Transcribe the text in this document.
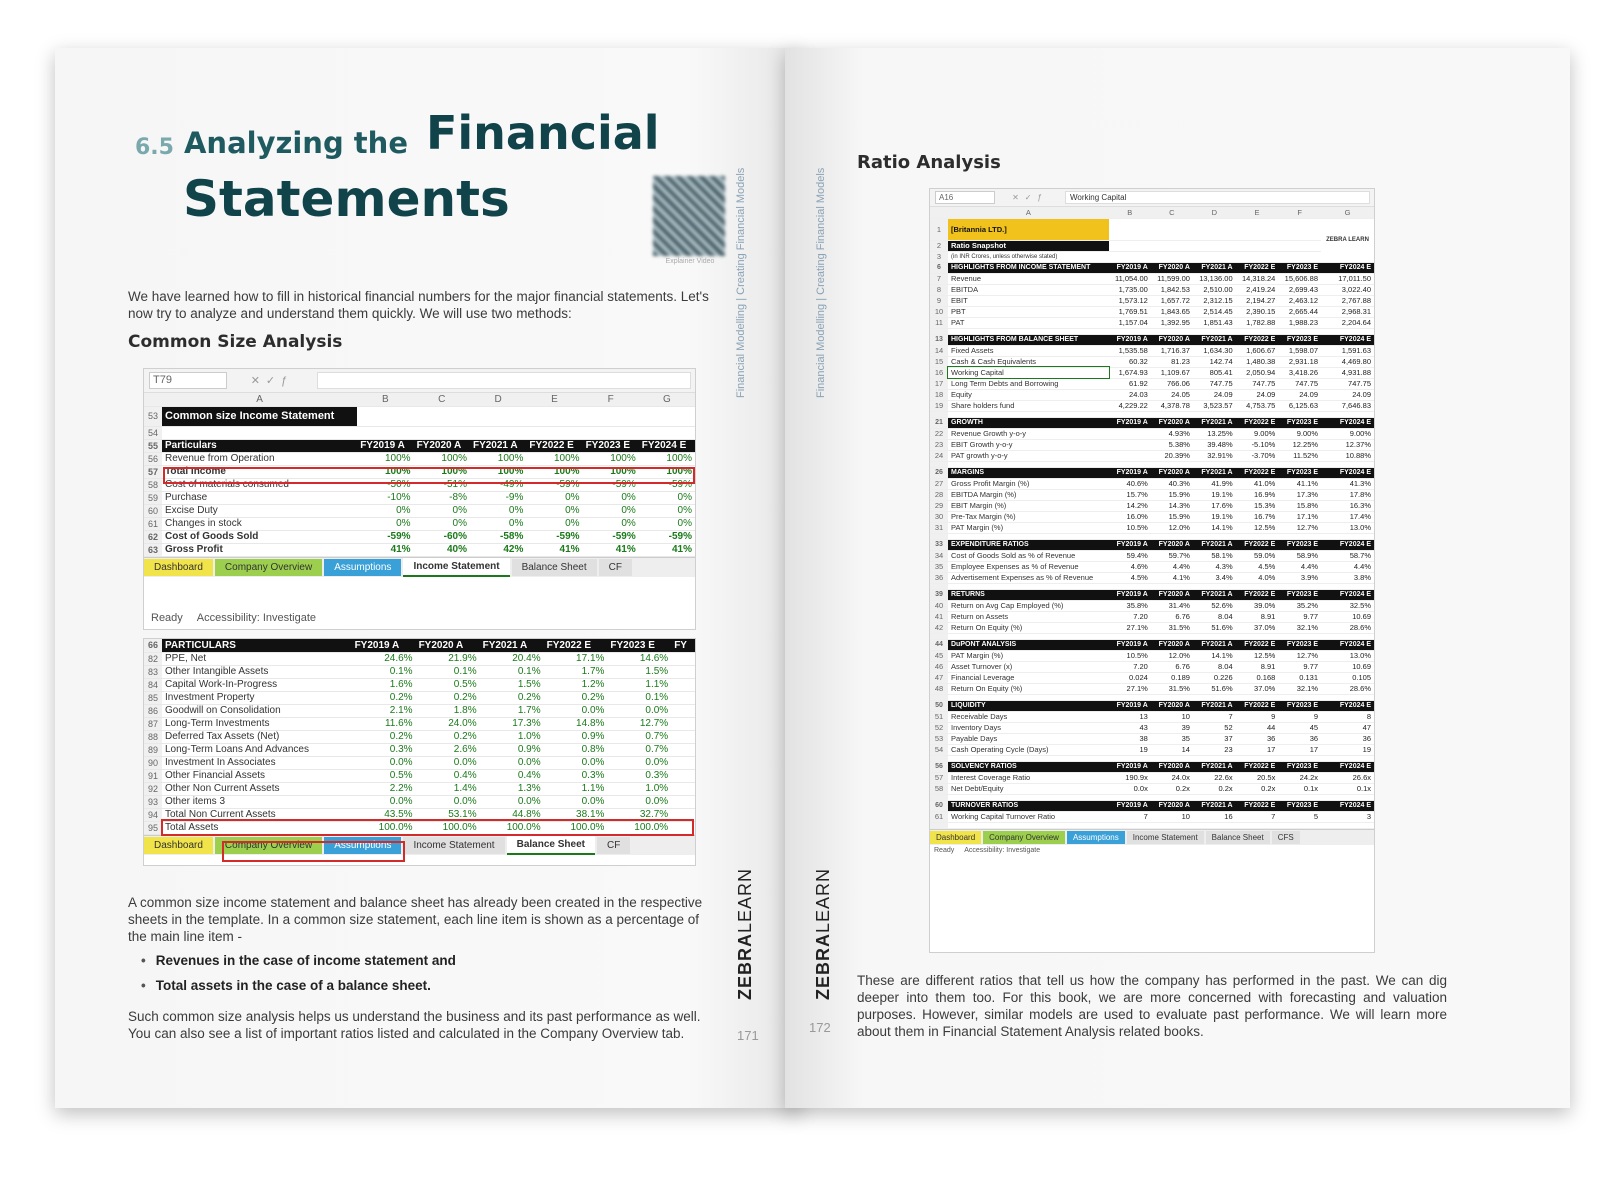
6.5 Analyzing the Financial
Statements
Explainer Video

We have learned how to fill in historical financial numbers for the major financial statements. Let's now try to analyze and understand them quickly. We will use two methods:

Common Size Analysis
T79	✕✓ƒ
	A	B	C	D	E	F	G
53	Common size Income Statement						
54							
55	Particulars	FY2019 A	FY2020 A	FY2021 A	FY2022 E	FY2023 E	FY2024 E
56	Revenue from Operation	100%	100%	100%	100%	100%	100%
57	Total Income	100%	100%	100%	100%	100%	100%
58	Cost of materials consumed	-50%	-51%	-49%	-59%	-59%	-59%
59	Purchase	-10%	-8%	-9%	0%	0%	0%
60	Excise Duty	0%	0%	0%	0%	0%	0%
61	Changes in stock	0%	0%	0%	0%	0%	0%
62	Cost of Goods Sold	-59%	-60%	-58%	-59%	-59%	-59%
63	Gross Profit	41%	40%	42%	41%	41%	41%
Dashboard	Company Overview	Assumptions	Income Statement	Balance Sheet	CF
Ready Accessibility: Investigate
66	PARTICULARS	FY2019 A	FY2020 A	FY2021 A	FY2022 E	FY2023 E	FY
82	PPE, Net	24.6%	21.9%	20.4%	17.1%	14.6%	
83	Other Intangible Assets	0.1%	0.1%	0.1%	1.7%	1.5%	
84	Capital Work-In-Progress	1.6%	0.5%	1.5%	1.2%	1.1%	
85	Investment Property	0.2%	0.2%	0.2%	0.2%	0.1%	
86	Goodwill on Consolidation	2.1%	1.8%	1.7%	0.0%	0.0%	
87	Long-Term Investments	11.6%	24.0%	17.3%	14.8%	12.7%	
88	Deferred Tax Assets (Net)	0.2%	0.2%	1.0%	0.9%	0.7%	
89	Long-Term Loans And Advances	0.3%	2.6%	0.9%	0.8%	0.7%	
90	Investment In Associates	0.0%	0.0%	0.0%	0.0%	0.0%	
91	Other Financial Assets	0.5%	0.4%	0.4%	0.3%	0.3%	
92	Other Non Current Assets	2.2%	1.4%	1.3%	1.1%	1.0%	
93	Other items 3	0.0%	0.0%	0.0%	0.0%	0.0%	
94	Total Non Current Assets	43.5%	53.1%	44.8%	38.1%	32.7%	
95	Total Assets	100.0%	100.0%	100.0%	100.0%	100.0%	
Dashboard	Company Overview	Assumptions	Income Statement	Balance Sheet	CF

A common size income statement and balance sheet has already been created in the respective sheets in the template. In a common size statement, each line item is shown as a percentage of the main line item -

• Revenues in the case of income statement and
• Total assets in the case of a balance sheet.

Such common size analysis helps us understand the business and its past performance as well. You can also see a list of important ratios listed and calculated in the Company Overview tab.

Financial Modelling | Creating Financial Models
ZEBRALEARN
171
Financial Modelling | Creating Financial Models
ZEBRALEARN
172
Ratio Analysis
A16	✕✓ƒ	Working Capital
	A	B	C	D	E	F	G
1	[Britannia LTD.]						ZEBRA LEARN
2	Ratio Snapshot						
3	(in INR Crores, unless otherwise stated)						
6	HIGHLIGHTS FROM INCOME STATEMENT	FY2019 A	FY2020 A	FY2021 A	FY2022 E	FY2023 E	FY2024 E
7	Revenue	11,054.00	11,599.00	13,136.00	14,318.24	15,606.88	17,011.50
8	EBITDA	1,735.00	1,842.53	2,510.00	2,419.24	2,699.43	3,022.40
9	EBIT	1,573.12	1,657.72	2,312.15	2,194.27	2,463.12	2,767.88
10	PBT	1,769.51	1,843.65	2,514.45	2,390.15	2,665.44	2,968.31
11	PAT	1,157.04	1,392.95	1,851.43	1,782.88	1,988.23	2,204.64

13	HIGHLIGHTS FROM BALANCE SHEET	FY2019 A	FY2020 A	FY2021 A	FY2022 E	FY2023 E	FY2024 E
14	Fixed Assets	1,535.58	1,716.37	1,634.30	1,606.67	1,598.07	1,591.63
15	Cash & Cash Equivalents	60.32	81.23	142.74	1,480.38	2,931.18	4,469.80
16	Working Capital	1,674.93	1,109.67	805.41	2,050.94	3,418.26	4,931.88
17	Long Term Debts and Borrowing	61.92	766.06	747.75	747.75	747.75	747.75
18	Equity	24.03	24.05	24.09	24.09	24.09	24.09
19	Share holders fund	4,229.22	4,378.78	3,523.57	4,753.75	6,125.63	7,646.83

21	GROWTH	FY2019 A	FY2020 A	FY2021 A	FY2022 E	FY2023 E	FY2024 E
22	Revenue Growth y-o-y		4.93%	13.25%	9.00%	9.00%	9.00%
23	EBIT Growth y-o-y		5.38%	39.48%	-5.10%	12.25%	12.37%
24	PAT growth y-o-y		20.39%	32.91%	-3.70%	11.52%	10.88%

26	MARGINS	FY2019 A	FY2020 A	FY2021 A	FY2022 E	FY2023 E	FY2024 E
27	Gross Profit Margin (%)	40.6%	40.3%	41.9%	41.0%	41.1%	41.3%
28	EBITDA Margin (%)	15.7%	15.9%	19.1%	16.9%	17.3%	17.8%
29	EBIT Margin (%)	14.2%	14.3%	17.6%	15.3%	15.8%	16.3%
30	Pre-Tax Margin (%)	16.0%	15.9%	19.1%	16.7%	17.1%	17.4%
31	PAT Margin (%)	10.5%	12.0%	14.1%	12.5%	12.7%	13.0%

33	EXPENDITURE RATIOS	FY2019 A	FY2020 A	FY2021 A	FY2022 E	FY2023 E	FY2024 E
34	Cost of Goods Sold as % of Revenue	59.4%	59.7%	58.1%	59.0%	58.9%	58.7%
35	Employee Expenses as % of Revenue	4.6%	4.4%	4.3%	4.5%	4.4%	4.4%
36	Advertisement Expenses as % of Revenue	4.5%	4.1%	3.4%	4.0%	3.9%	3.8%

39	RETURNS	FY2019 A	FY2020 A	FY2021 A	FY2022 E	FY2023 E	FY2024 E
40	Return on Avg Cap Employed (%)	35.8%	31.4%	52.6%	39.0%	35.2%	32.5%
41	Return on Assets	7.20	6.76	8.04	8.91	9.77	10.69
42	Return On Equity (%)	27.1%	31.5%	51.6%	37.0%	32.1%	28.6%

44	DuPONT ANALYSIS	FY2019 A	FY2020 A	FY2021 A	FY2022 E	FY2023 E	FY2024 E
45	PAT Margin (%)	10.5%	12.0%	14.1%	12.5%	12.7%	13.0%
46	Asset Turnover (x)	7.20	6.76	8.04	8.91	9.77	10.69
47	Financial Leverage	0.024	0.189	0.226	0.168	0.131	0.105
48	Return On Equity (%)	27.1%	31.5%	51.6%	37.0%	32.1%	28.6%

50	LIQUIDITY	FY2019 A	FY2020 A	FY2021 A	FY2022 E	FY2023 E	FY2024 E
51	Receivable Days	13	10	7	9	9	8
52	Inventory Days	43	39	52	44	45	47
53	Payable Days	38	35	37	36	36	36
54	Cash Operating Cycle (Days)	19	14	23	17	17	19

56	SOLVENCY RATIOS	FY2019 A	FY2020 A	FY2021 A	FY2022 E	FY2023 E	FY2024 E
57	Interest Coverage Ratio	190.9x	24.0x	22.6x	20.5x	24.2x	26.6x
58	Net Debt/Equity	0.0x	0.2x	0.2x	0.2x	0.1x	0.1x

60	TURNOVER RATIOS	FY2019 A	FY2020 A	FY2021 A	FY2022 E	FY2023 E	FY2024 E
61	Working Capital Turnover Ratio	7	10	16	7	5	3

Dashboard	Company Overview	Assumptions	Income Statement	Balance Sheet	CFS
Ready Accessibility: Investigate

These are different ratios that tell us how the company has performed in the past. We can dig deeper into them too. For this book, we are more concerned with forecasting and valuation purposes. However, similar models are used to evaluate past performance. We will learn more about them in Financial Statement Analysis related books.
